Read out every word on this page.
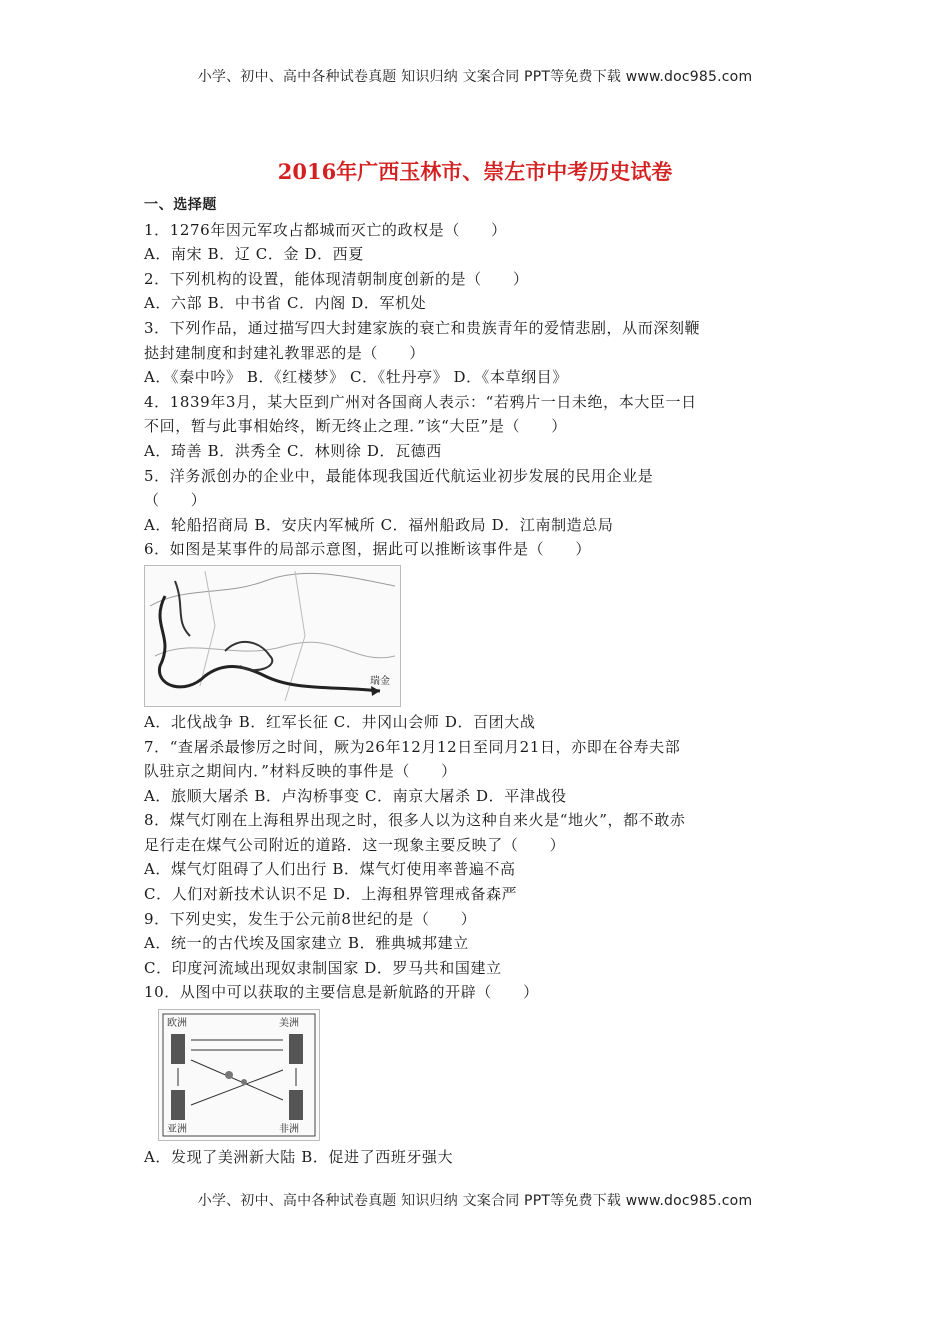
小学、初中、高中各种试卷真题 知识归纳 文案合同 PPT等免费下载 www.doc985.com
2016年广西玉林市、崇左市中考历史试卷
一、选择题
1．1276年因元军攻占都城而灭亡的政权是（　　）
A．南宋 B．辽 C．金 D．西夏
2．下列机构的设置，能体现清朝制度创新的是（　　）
A．六部 B．中书省 C．内阁 D．军机处
3．下列作品，通过描写四大封建家族的衰亡和贵族青年的爱情悲剧，从而深刻鞭
挞封建制度和封建礼教罪恶的是（　　）
A．《秦中吟》 B．《红楼梦》 C．《牡丹亭》 D．《本草纲目》
4．1839年3月，某大臣到广州对各国商人表示：“若鸦片一日未绝，本大臣一日
不回，暂与此事相始终，断无终止之理．”该“大臣”是（　　）
A．琦善 B．洪秀全 C．林则徐 D．瓦德西
5．洋务派创办的企业中，最能体现我国近代航运业初步发展的民用企业是
（　　）
A．轮船招商局 B．安庆内军械所 C．福州船政局 D．江南制造总局
6．如图是某事件的局部示意图，据此可以推断该事件是（　　）
瑞金
A．北伐战争 B．红军长征 C．井冈山会师 D．百团大战
7．“查屠杀最惨厉之时间，厥为26年12月12日至同月21日，亦即在谷寿夫部
队驻京之期间内．”材料反映的事件是（　　）
A．旅顺大屠杀 B．卢沟桥事变 C．南京大屠杀 D．平津战役
8．煤气灯刚在上海租界出现之时，很多人以为这种自来火是“地火”，都不敢赤
足行走在煤气公司附近的道路．这一现象主要反映了（　　）
A．煤气灯阻碍了人们出行 B．煤气灯使用率普遍不高
C．人们对新技术认识不足 D．上海租界管理戒备森严
9．下列史实，发生于公元前8世纪的是（　　）
A．统一的古代埃及国家建立 B．雅典城邦建立
C．印度河流域出现奴隶制国家 D．罗马共和国建立
10．从图中可以获取的主要信息是新航路的开辟（　　）
欧洲	美洲
亚洲	非洲
A．发现了美洲新大陆 B．促进了西班牙强大
小学、初中、高中各种试卷真题 知识归纳 文案合同 PPT等免费下载 www.doc985.com
